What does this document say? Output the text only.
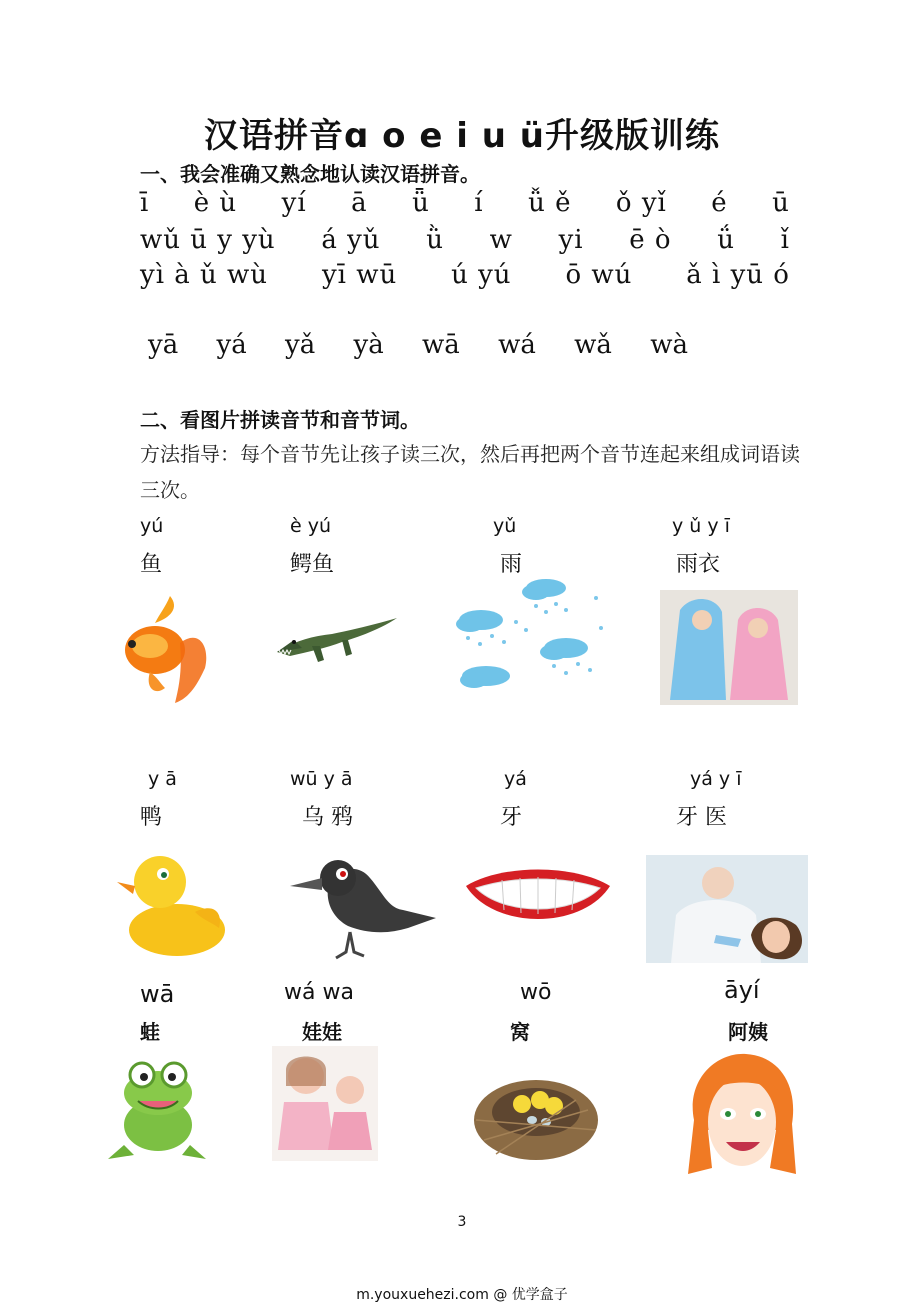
汉语拼音ɑ o e i u ü升级版训练
一、我会准确又熟念地认读汉语拼音。
ī è ù yí ā ǖ í ǚ ě ǒ yǐ é ū
wǔ ū y yù á yǔ ǜ w yi ē ò ǘ ǐ
yì à ǔ wù yī wū ú yú ō wú ǎ ì yū ó
yā yá yǎ yà wā wá wǎ wà
二、看图片拼读音节和音节词。
方法指导：每个音节先让孩子读三次，然后再把两个音节连起来组成词语读三次。
yú
鱼
è yú
鳄鱼
yǔ
雨
y ǔ y ī
雨衣
y ā
鸭
wū y ā
乌 鸦
yá
牙
yá y ī
牙 医
wā
蛙
wá wa
娃娃
wō
窝
āyí
阿姨
3
m.youxuehezi.com @ 优学盒子
